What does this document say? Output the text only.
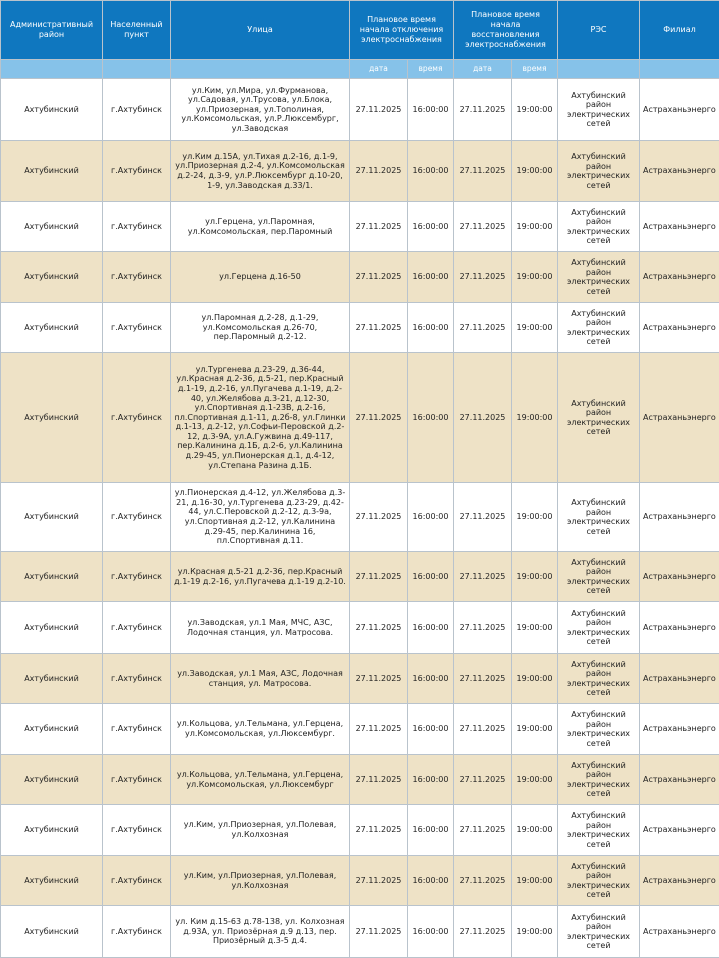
Административный район	Населенный пункт	Улица	Плановое время начала отключения электроснабжения		Плановое время начала восстановления электроснабжения		РЭС	Филиал
			дата	время	дата	время		
Ахтубинский	г.Ахтубинск	ул.Ким, ул.Мира, ул.Фурманова, ул.Садовая, ул.Трусова, ул.Блока, ул.Приозерная, ул.Тополиная, ул.Комсомольская, ул.Р.Люксембург, ул.Заводская	27.11.2025	16:00:00	27.11.2025	19:00:00	Ахтубинский район электрических сетей	Астраханьэнерго
Ахтубинский	г.Ахтубинск	ул.Ким д.15А, ул.Тихая д.2-16, д.1-9, ул.Приозерная д.2-4, ул.Комсомольская д.2-24, д.3-9, ул.Р.Люксембург д.10-20, 1-9, ул.Заводская д.33/1.	27.11.2025	16:00:00	27.11.2025	19:00:00	Ахтубинский район электрических сетей	Астраханьэнерго
Ахтубинский	г.Ахтубинск	ул.Герцена, ул.Паромная, ул.Комсомольская, пер.Паромный	27.11.2025	16:00:00	27.11.2025	19:00:00	Ахтубинский район электрических сетей	Астраханьэнерго
Ахтубинский	г.Ахтубинск	ул.Герцена д.16-50	27.11.2025	16:00:00	27.11.2025	19:00:00	Ахтубинский район электрических сетей	Астраханьэнерго
Ахтубинский	г.Ахтубинск	ул.Паромная д.2-28, д.1-29, ул.Комсомольская д.26-70, пер.Паромный д.2-12.	27.11.2025	16:00:00	27.11.2025	19:00:00	Ахтубинский район электрических сетей	Астраханьэнерго
Ахтубинский	г.Ахтубинск	ул.Тургенева д.23-29, д.36-44, ул.Красная д.2-36, д.5-21, пер.Красный д.1-19, д.2-16, ул.Пугачева д.1-19, д.2-40, ул.Желябова д.3-21, д.12-30, ул.Спортивная д.1-23В, д.2-16, пл.Спортивная д.1-11, д.2б-8, ул.Глинки д.1-13, д.2-12, ул.Софьи-Перовской д.2-12, д.3-9А, ул.А.Гужвина д.49-117, пер.Калинина д.1Б, д.2-6, ул.Калинина д.29-45, ул.Пионерская д.1, д.4-12, ул.Степана Разина д.1Б.	27.11.2025	16:00:00	27.11.2025	19:00:00	Ахтубинский район электрических сетей	Астраханьэнерго
Ахтубинский	г.Ахтубинск	ул.Пионерская д.4-12, ул.Желябова д.3-21, д.16-30, ул.Тургенева д.23-29, д.42-44, ул.С.Перовской д.2-12, д.3-9а, ул.Спортивная д.2-12, ул.Калинина д.29-45, пер.Калинина 16, пл.Спортивная д.11.	27.11.2025	16:00:00	27.11.2025	19:00:00	Ахтубинский район электрических сетей	Астраханьэнерго
Ахтубинский	г.Ахтубинск	ул.Красная д.5-21 д.2-36, пер.Красный д.1-19 д.2-16, ул.Пугачева д.1-19 д.2-10.	27.11.2025	16:00:00	27.11.2025	19:00:00	Ахтубинский район электрических сетей	Астраханьэнерго
Ахтубинский	г.Ахтубинск	ул.Заводская, ул.1 Мая, МЧС, АЗС, Лодочная станция, ул. Матросова.	27.11.2025	16:00:00	27.11.2025	19:00:00	Ахтубинский район электрических сетей	Астраханьэнерго
Ахтубинский	г.Ахтубинск	ул.Заводская, ул.1 Мая, АЗС, Лодочная станция, ул. Матросова.	27.11.2025	16:00:00	27.11.2025	19:00:00	Ахтубинский район электрических сетей	Астраханьэнерго
Ахтубинский	г.Ахтубинск	ул.Кольцова, ул.Тельмана, ул.Герцена, ул.Комсомольская, ул.Люксембург.	27.11.2025	16:00:00	27.11.2025	19:00:00	Ахтубинский район электрических сетей	Астраханьэнерго
Ахтубинский	г.Ахтубинск	ул.Кольцова, ул.Тельмана, ул.Герцена, ул.Комсомольская, ул.Люксембург	27.11.2025	16:00:00	27.11.2025	19:00:00	Ахтубинский район электрических сетей	Астраханьэнерго
Ахтубинский	г.Ахтубинск	ул.Ким, ул.Приозерная, ул.Полевая, ул.Колхозная	27.11.2025	16:00:00	27.11.2025	19:00:00	Ахтубинский район электрических сетей	Астраханьэнерго
Ахтубинский	г.Ахтубинск	ул.Ким, ул.Приозерная, ул.Полевая, ул.Колхозная	27.11.2025	16:00:00	27.11.2025	19:00:00	Ахтубинский район электрических сетей	Астраханьэнерго
Ахтубинский	г.Ахтубинск	ул. Ким д.15-63 д.78-138, ул. Колхозная д.93А, ул. Приозёрная д.9 д.13, пер. Приозёрный д.3-5 д.4.	27.11.2025	16:00:00	27.11.2025	19:00:00	Ахтубинский район электрических сетей	Астраханьэнерго
